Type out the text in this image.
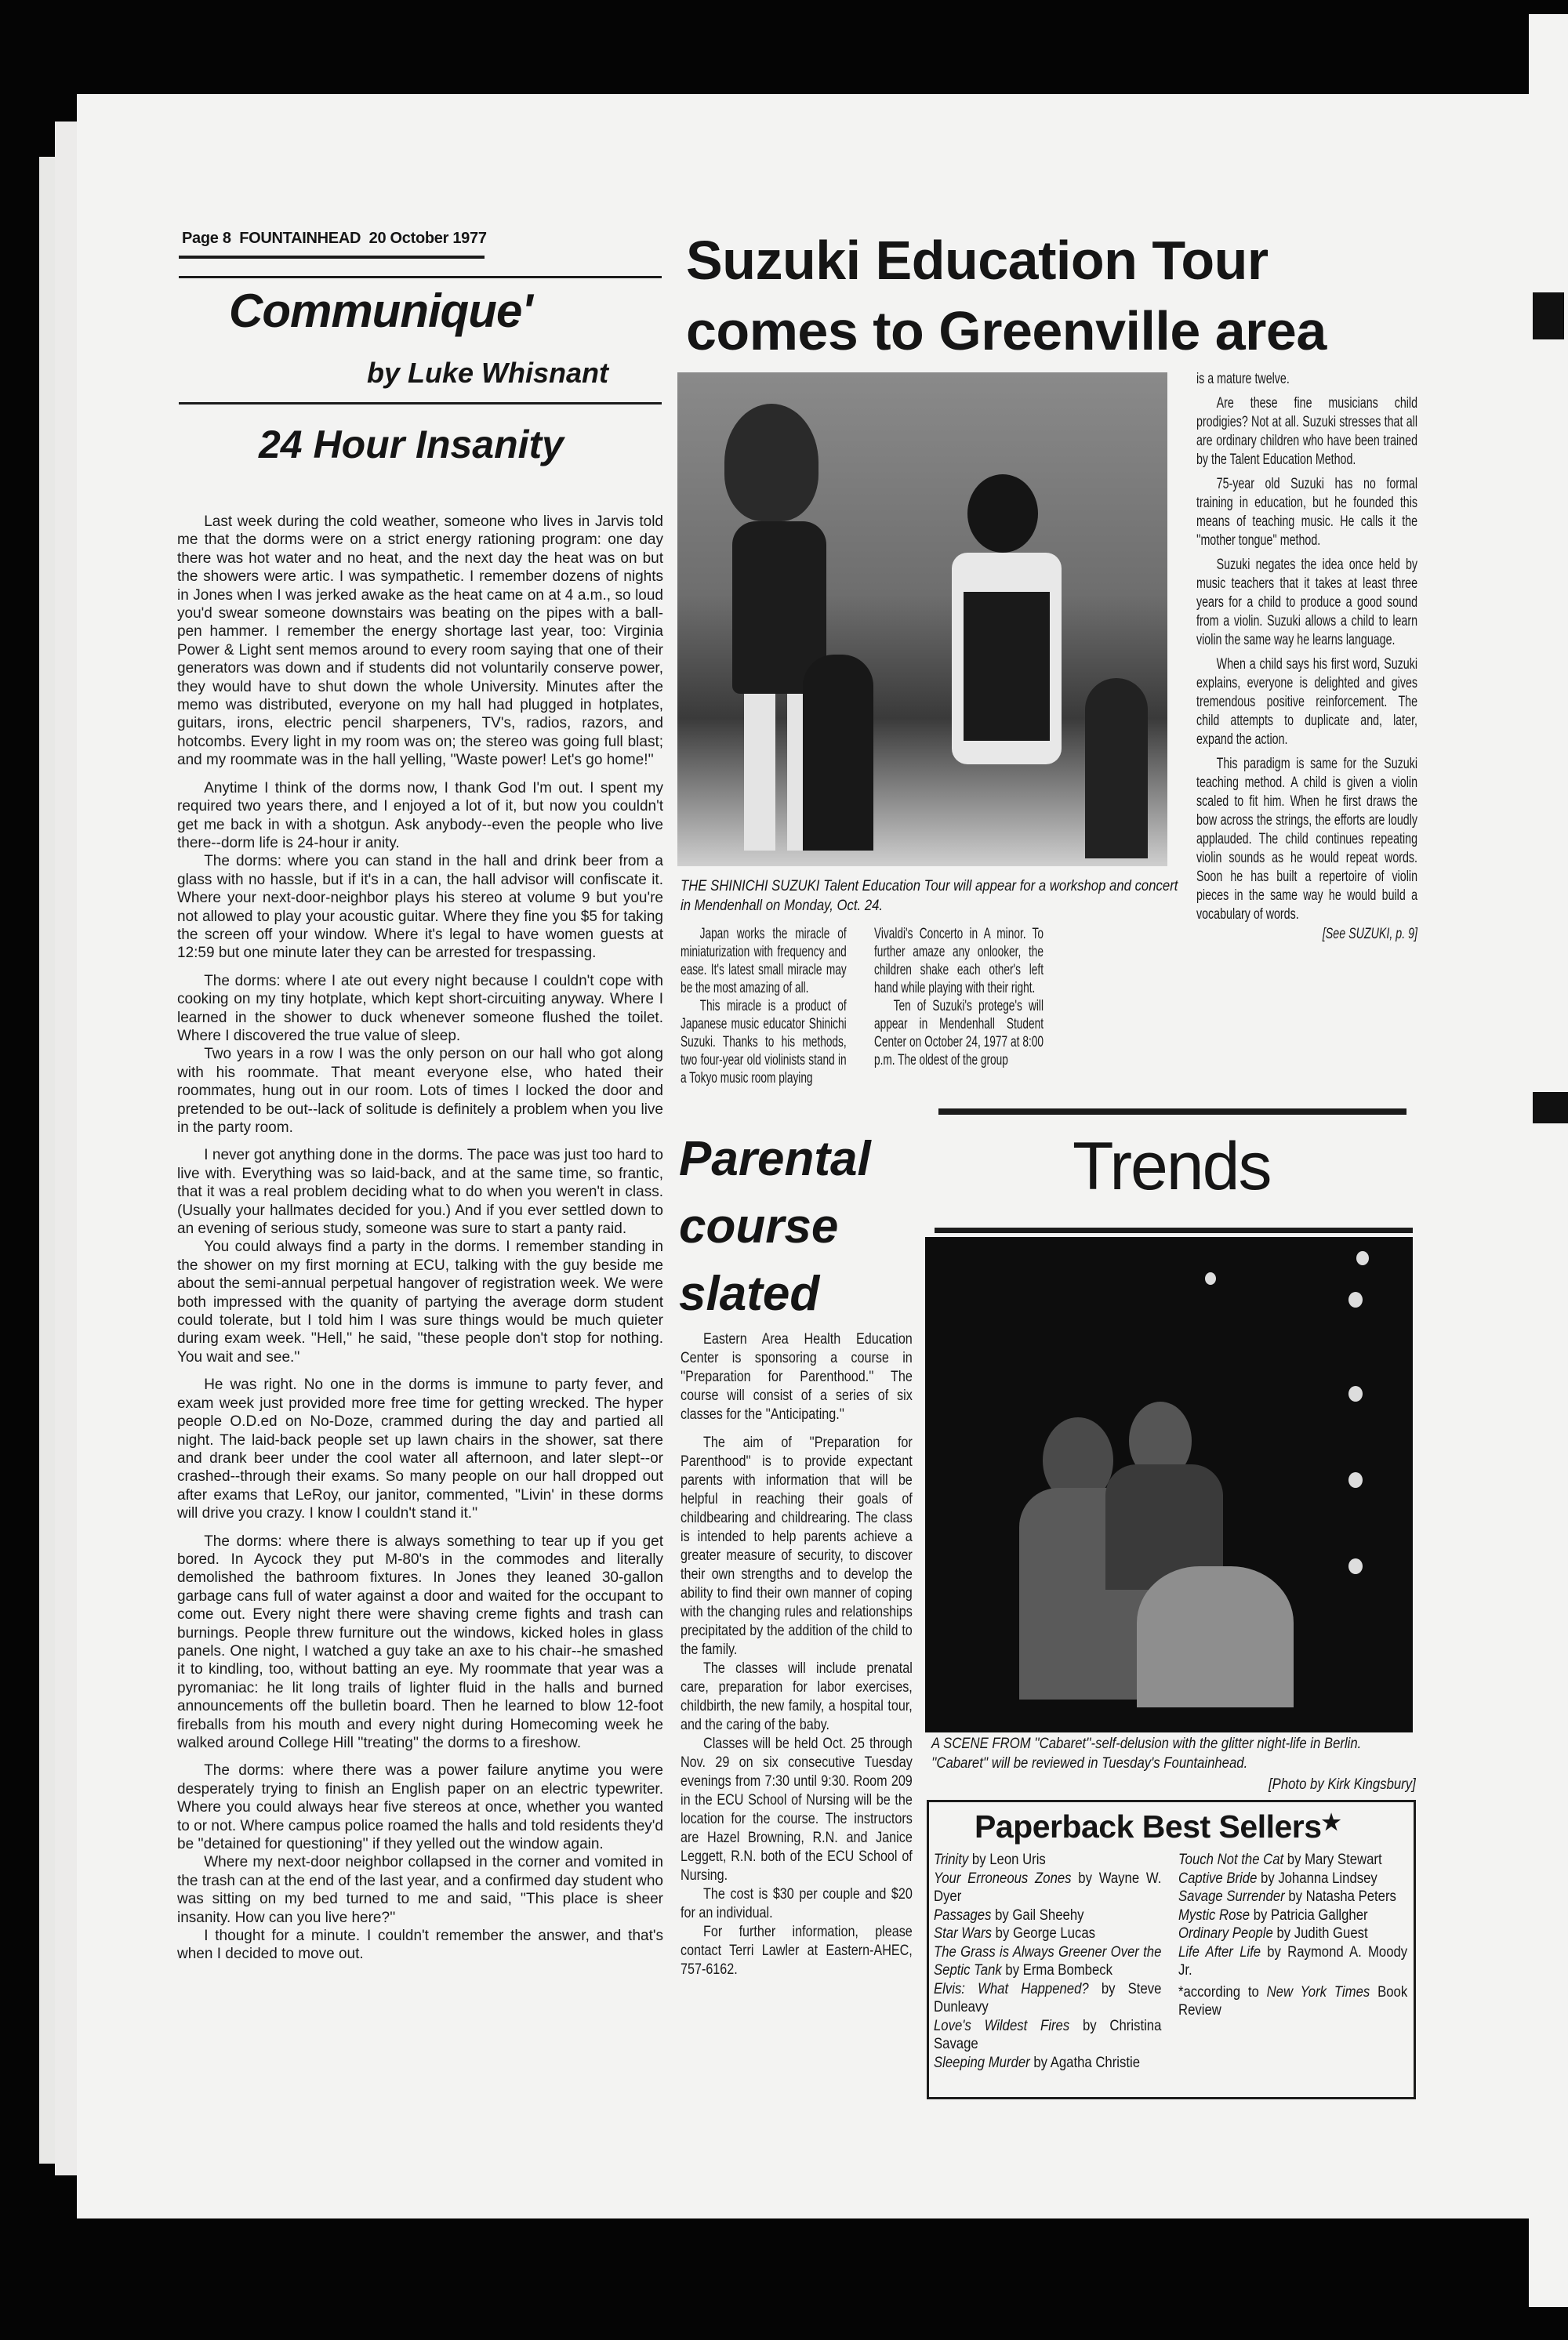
Page 8 FOUNTAINHEAD 20 October 1977
Communique'
by Luke Whisnant
24 Hour Insanity

Last week during the cold weather, someone who lives in Jarvis told me that the dorms were on a strict energy rationing program: one day there was hot water and no heat, and the next day the heat was on but the showers were artic. I was sympathetic. I remember dozens of nights in Jones when I was jerked awake as the heat came on at 4 a.m., so loud you'd swear someone downstairs was beating on the pipes with a ball-pen hammer. I remember the energy shortage last year, too: Virginia Power & Light sent memos around to every room saying that one of their generators was down and if students did not voluntarily conserve power, they would have to shut down the whole University. Minutes after the memo was distributed, everyone on my hall had plugged in hotplates, guitars, irons, electric pencil sharpeners, TV's, radios, razors, and hotcombs. Every light in my room was on; the stereo was going full blast; and my roommate was in the hall yelling, ''Waste power! Let's go home!''

Anytime I think of the dorms now, I thank God I'm out. I spent my required two years there, and I enjoyed a lot of it, but now you couldn't get me back in with a shotgun. Ask anybody--even the people who live there--dorm life is 24-hour ir anity.

The dorms: where you can stand in the hall and drink beer from a glass with no hassle, but if it's in a can, the hall advisor will confiscate it. Where your next-door-neighbor plays his stereo at volume 9 but you're not allowed to play your acoustic guitar. Where they fine you $5 for taking the screen off your window. Where it's legal to have women guests at 12:59 but one minute later they can be arrested for trespassing.

The dorms: where I ate out every night because I couldn't cope with cooking on my tiny hotplate, which kept short-circuiting anyway. Where I learned in the shower to duck whenever someone flushed the toilet. Where I discovered the true value of sleep.

Two years in a row I was the only person on our hall who got along with his roommate. That meant everyone else, who hated their roommates, hung out in our room. Lots of times I locked the door and pretended to be out--lack of solitude is definitely a problem when you live in the party room.

I never got anything done in the dorms. The pace was just too hard to live with. Everything was so laid-back, and at the same time, so frantic, that it was a real problem deciding what to do when you weren't in class. (Usually your hallmates decided for you.) And if you ever settled down to an evening of serious study, someone was sure to start a panty raid.

You could always find a party in the dorms. I remember standing in the shower on my first morning at ECU, talking with the guy beside me about the semi-annual perpetual hangover of registration week. We were both impressed with the quanity of partying the average dorm student could tolerate, but I told him I was sure things would be much quieter during exam week. ''Hell,'' he said, ''these people don't stop for nothing. You wait and see.''

He was right. No one in the dorms is immune to party fever, and exam week just provided more free time for getting wrecked. The hyper people O.D.ed on No-Doze, crammed during the day and partied all night. The laid-back people set up lawn chairs in the shower, sat there and drank beer under the cool water all afternoon, and later slept--or crashed--through their exams. So many people on our hall dropped out after exams that LeRoy, our janitor, commented, ''Livin' in these dorms will drive you crazy. I know I couldn't stand it.''

The dorms: where there is always something to tear up if you get bored. In Aycock they put M-80's in the commodes and literally demolished the bathroom fixtures. In Jones they leaned 30-gallon garbage cans full of water against a door and waited for the occupant to come out. Every night there were shaving creme fights and trash can burnings. People threw furniture out the windows, kicked holes in glass panels. One night, I watched a guy take an axe to his chair--he smashed it to kindling, too, without batting an eye. My roommate that year was a pyromaniac: he lit long trails of lighter fluid in the halls and burned announcements off the bulletin board. Then he learned to blow 12-foot fireballs from his mouth and every night during Homecoming week he walked around College Hill ''treating'' the dorms to a fireshow.

The dorms: where there was a power failure anytime you were desperately trying to finish an English paper on an electric typewriter. Where you could always hear five stereos at once, whether you wanted to or not. Where campus police roamed the halls and told residents they'd be ''detained for questioning'' if they yelled out the window again.

Where my next-door neighbor collapsed in the corner and vomited in the trash can at the end of the last year, and a confirmed day student who was sitting on my bed turned to me and said, ''This place is sheer insanity. How can you live here?''

I thought for a minute. I couldn't remember the answer, and that's when I decided to move out.

Suzuki Education Tour
comes to Greenville area
THE SHINICHI SUZUKI Talent Education Tour will appear for a workshop and concert in Mendenhall on Monday, Oct. 24.

Japan works the miracle of miniaturization with frequency and ease. It's latest small miracle may be the most amazing of all.

This miracle is a product of Japanese music educator Shinichi Suzuki. Thanks to his methods, two four-year old violinists stand in a Tokyo music room playing

Vivaldi's Concerto in A minor. To further amaze any onlooker, the children shake each other's left hand while playing with their right.

Ten of Suzuki's protege's will appear in Mendenhall Student Center on October 24, 1977 at 8:00 p.m. The oldest of the group

is a mature twelve.

Are these fine musicians child prodigies? Not at all. Suzuki stresses that all are ordinary children who have been trained by the Talent Education Method.

75-year old Suzuki has no formal training in education, but he founded this means of teaching music. He calls it the ''mother tongue'' method.

Suzuki negates the idea once held by music teachers that it takes at least three years for a child to produce a good sound from a violin. Suzuki allows a child to learn violin the same way he learns language.

When a child says his first word, Suzuki explains, everyone is delighted and gives tremendous positive reinforcement. The child attempts to duplicate and, later, expand the action.

This paradigm is same for the Suzuki teaching method. A child is given a violin scaled to fit him. When he first draws the bow across the strings, the efforts are loudly applauded. The child continues repeating violin sounds as he would repeat words. Soon he has built a repertoire of violin pieces in the same way he would build a vocabulary of words.

[See SUZUKI, p. 9]

Parental
course
slated

Eastern Area Health Education Center is sponsoring a course in ''Preparation for Parenthood.'' The course will consist of a series of six classes for the ''Anticipating.''

The aim of ''Preparation for Parenthood'' is to provide expectant parents with information that will be helpful in reaching their goals of childbearing and childrearing. The class is intended to help parents achieve a greater measure of security, to discover their own strengths and to develop the ability to find their own manner of coping with the changing rules and relationships precipitated by the addition of the child to the family.

The classes will include prenatal care, preparation for labor exercises, childbirth, the new family, a hospital tour, and the caring of the baby.

Classes will be held Oct. 25 through Nov. 29 on six consecutive Tuesday evenings from 7:30 until 9:30. Room 209 in the ECU School of Nursing will be the location for the course. The instructors are Hazel Browning, R.N. and Janice Leggett, R.N. both of the ECU School of Nursing.

The cost is $30 per couple and $20 for an individual.

For further information, please contact Terri Lawler at Eastern-AHEC, 757-6162.

Trends
A SCENE FROM ''Cabaret''-self-delusion with the glitter night-life in Berlin. ''Cabaret'' will be reviewed in Tuesday's Fountainhead.
[Photo by Kirk Kingsbury]
Paperback Best Sellers★
Trinity by Leon Uris
Your Erroneous Zones by Wayne W. Dyer
Passages by Gail Sheehy
Star Wars by George Lucas
The Grass is Always Greener Over the Septic Tank by Erma Bombeck
Elvis: What Happened? by Steve Dunleavy
Love's Wildest Fires by Christina Savage
Sleeping Murder by Agatha Christie
Touch Not the Cat by Mary Stewart
Captive Bride by Johanna Lindsey
Savage Surrender by Natasha Peters
Mystic Rose by Patricia Gallgher
Ordinary People by Judith Guest
Life After Life by Raymond A. Moody Jr.
*according to New York Times Book Review
